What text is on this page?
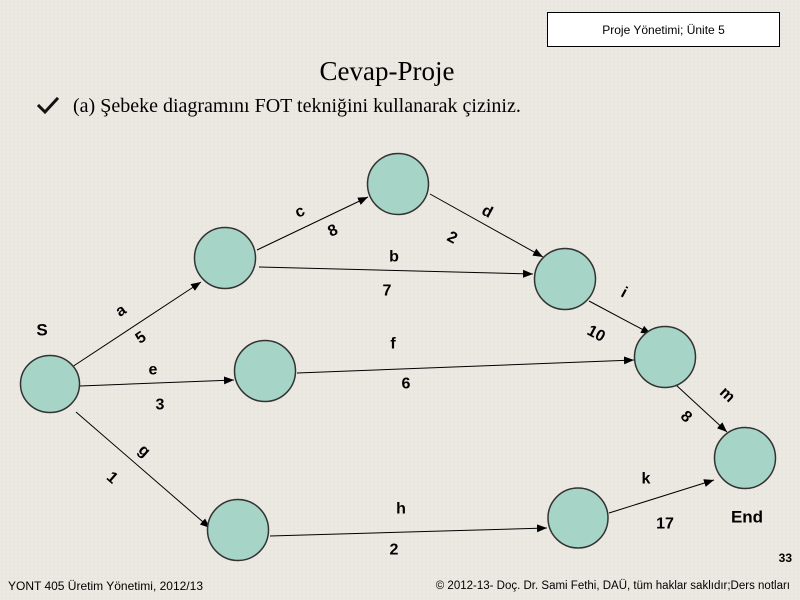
Proje Yönetimi; Ünite 5
Cevap-Proje
(a) Şebeke diagramını FOT tekniğini kullanarak çiziniz.
S
End
a
5
b
7
c
8
d
2
e
3
f
6
g
1
h
2
i
10
k
17
m
8
33
YONT 405 Üretim Yönetimi, 2012/13	© 2012-13- Doç. Dr. Sami Fethi, DAÜ, tüm haklar saklıdır;Ders notları
